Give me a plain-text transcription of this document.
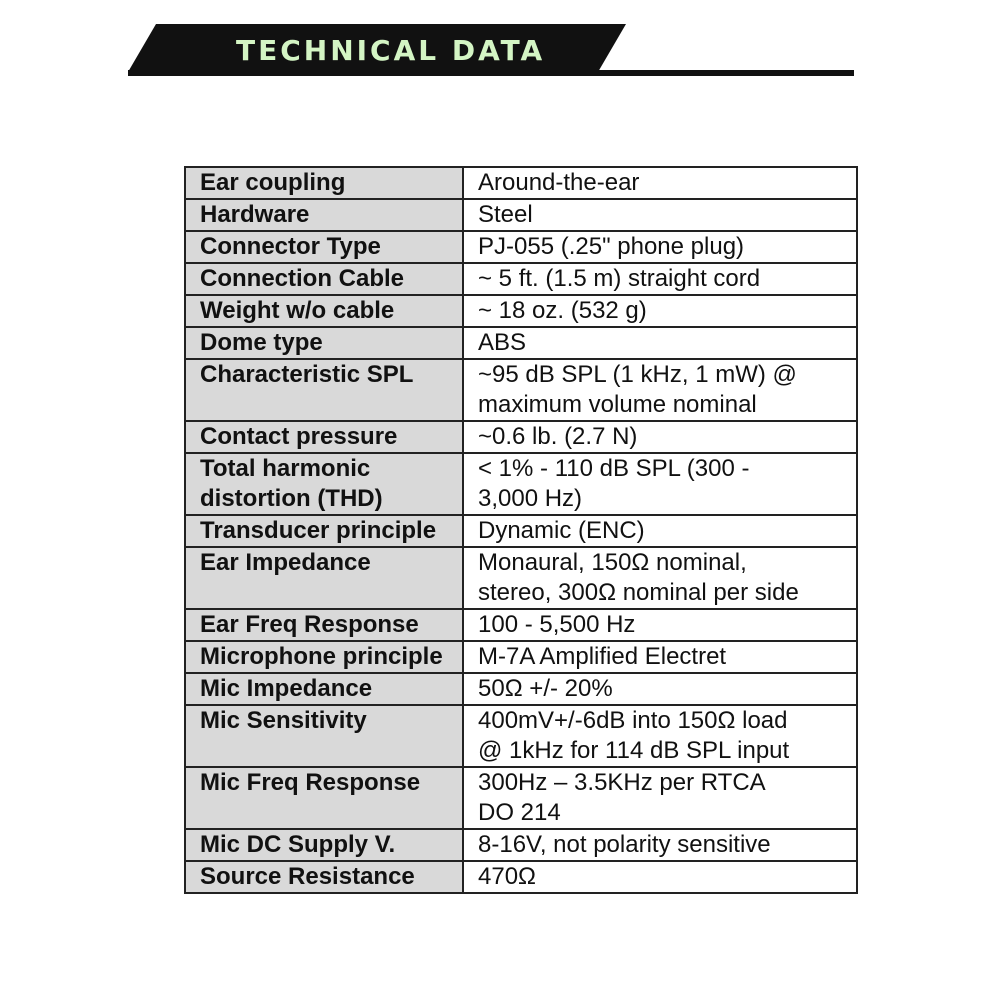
TECHNICAL DATA
Ear coupling	Around-the-ear

Hardware	Steel

Connector Type	PJ-055 (.25" phone plug)

Connection Cable	~ 5 ft. (1.5 m) straight cord

Weight w/o cable	~ 18 oz. (532 g)

Dome type	ABS

Characteristic SPL	~95 dB SPL (1 kHz, 1 mW) @
maximum volume nominal

Contact pressure	~0.6 lb. (2.7 N)

Total harmonic distortion (THD)	< 1% - 110 dB SPL (300 -
3,000 Hz)

Transducer principle	Dynamic (ENC)

Ear Impedance	Monaural, 150Ω nominal,
stereo, 300Ω nominal per side

Ear Freq Response	100 - 5,500 Hz

Microphone principle	M-7A Amplified Electret

Mic Impedance	50Ω +/- 20%

Mic Sensitivity	400mV+/-6dB into 150Ω load
@ 1kHz for 114 dB SPL input

Mic Freq Response	300Hz – 3.5KHz per RTCA
DO 214

Mic DC Supply V.	8-16V, not polarity sensitive

Source Resistance	470Ω
